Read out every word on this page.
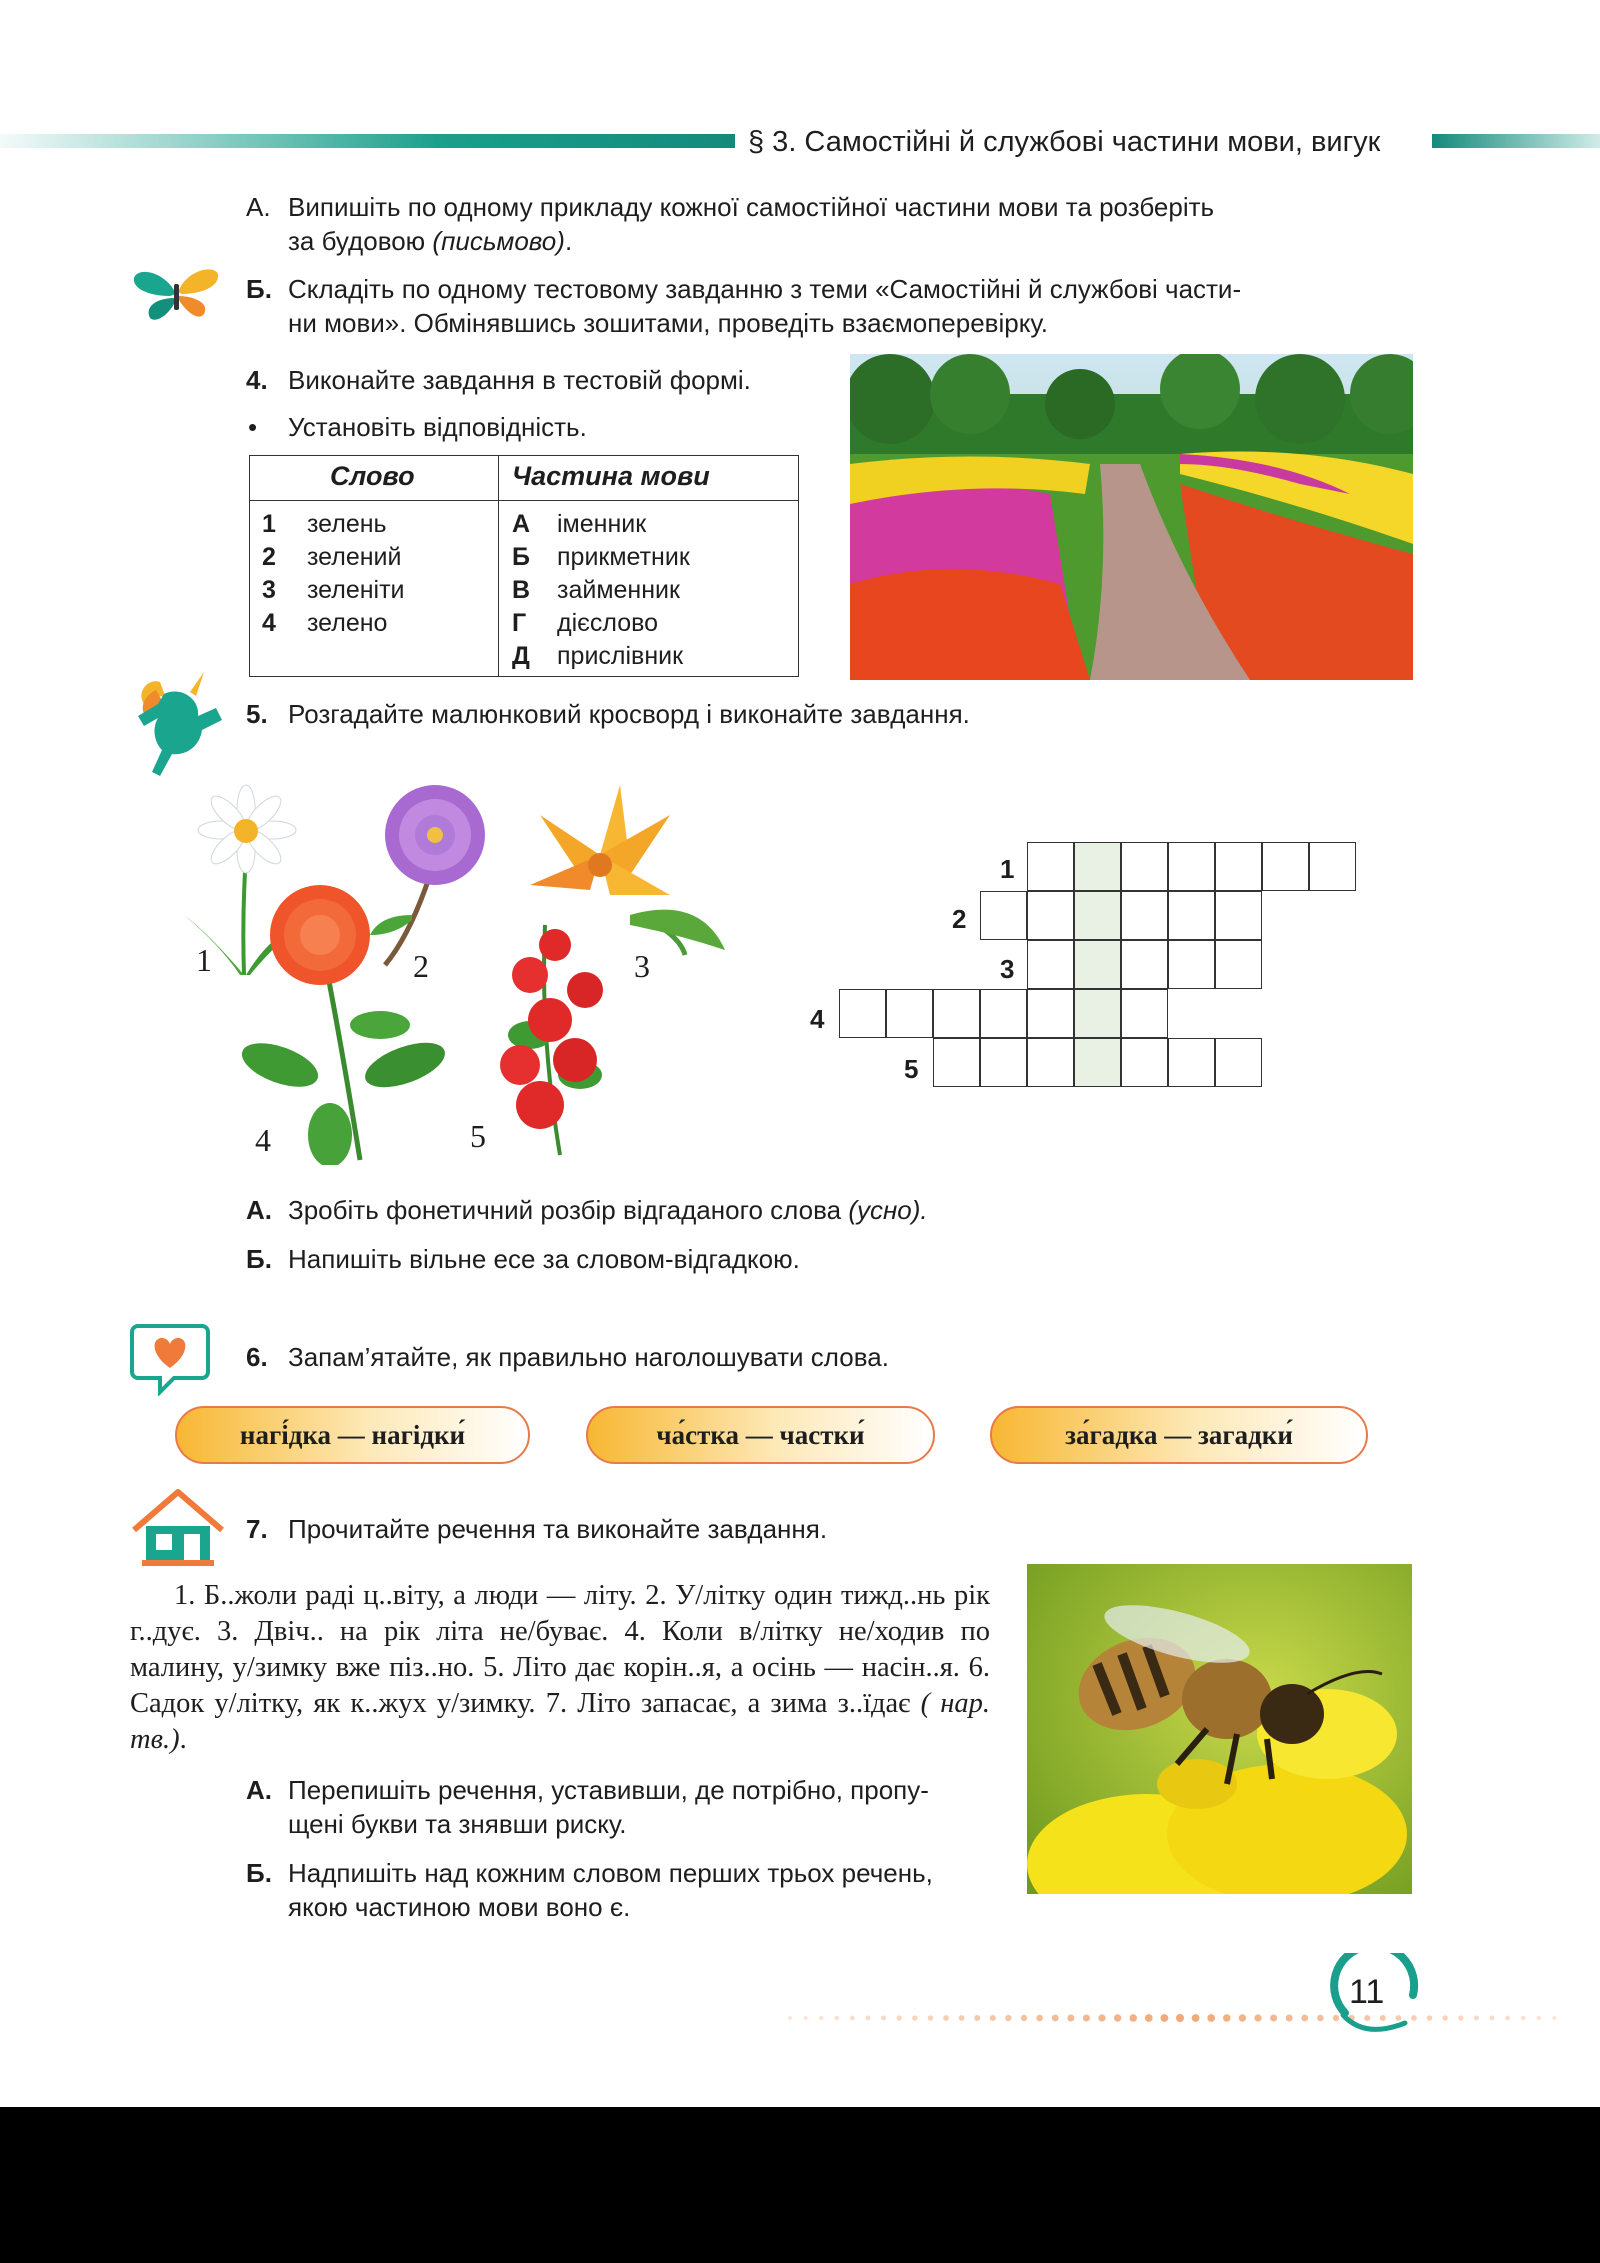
§ 3. Самостійні й службові частини мови, вигук
А. Випишіть по одному прикладу кожної самостійної частини мови та розберіть
за будовою (письмово).
Б. Складіть по одному тестовому завданню з теми «Самостійні й службові части-
ни мови». Обмінявшись зошитами, проведіть взаємоперевірку.
4. Виконайте завдання в тестовій формі.
• Установіть відповідність.
Слово	Частина мови
1 зелень
2 зелений
3 зеленіти
4 зелено
А іменник
Б прикметник
В займенник
Г дієслово
Д прислівник
5. Розгадайте малюнковий кросворд і виконайте завдання.
1	2	3
4	5
1
2
3
4
5
А. Зробіть фонетичний розбір відгаданого слова (усно).
Б. Напишіть вільне есе за словом-відгадкою.
6. Запам’ятайте, як правильно наголошувати слова.
нагі́дка — нагідки́	ча́стка — частки́	за́гадка — загадки́
7. Прочитайте речення та виконайте завдання.

1. Б..жоли раді ц..віту, а люди — літу. 2. У/літку один тижд..нь рік г..дує. 3. Двіч.. на рік літа не/буває. 4. Коли в/літку не/ходив по малину, у/зимку вже піз..но. 5. Літо дає корін..я, а осінь — насін..я. 6. Садок у/літку, як к..жух у/зимку. 7. Літо запасає, а зима з..їдає ( нар. тв.).

А. Перепишіть речення, уставивши, де потрібно, пропу-
щені букви та знявши риску.
Б. Надпишіть над кожним словом перших трьох речень,
якою частиною мови воно є.
11
